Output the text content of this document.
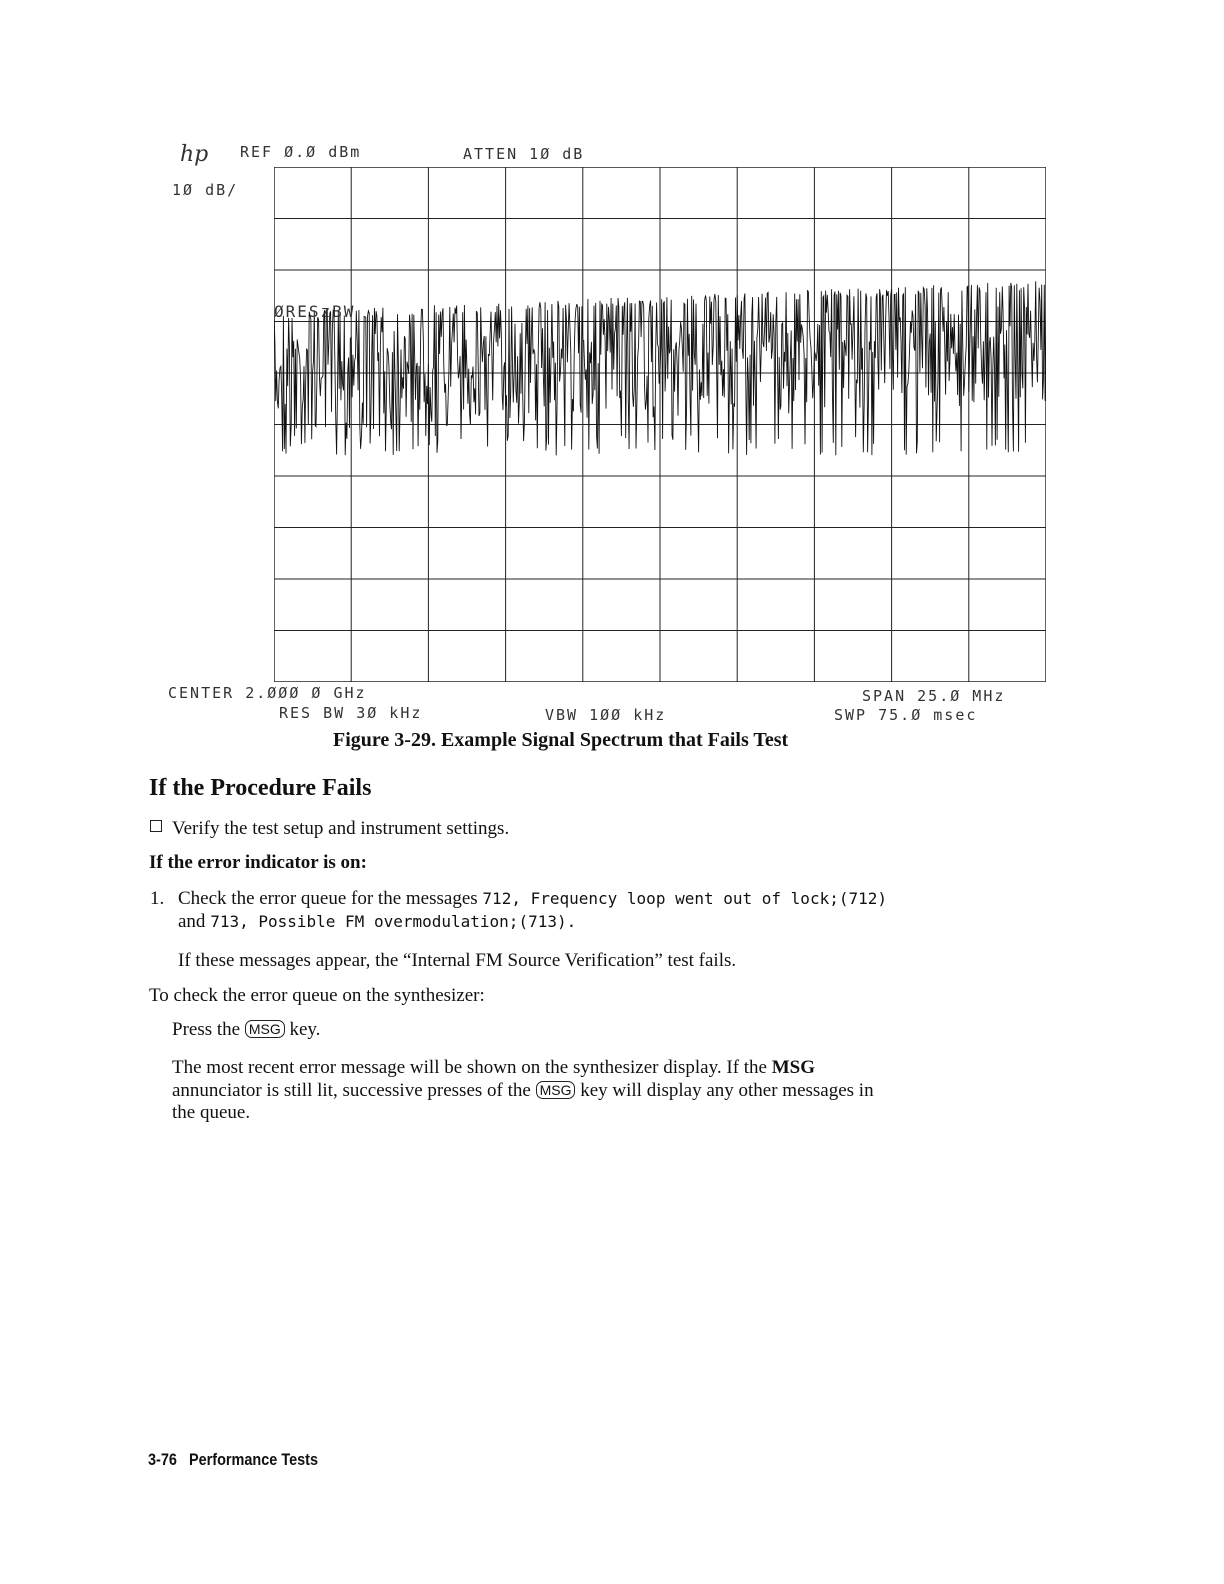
hp REF Ø.Ø dBm	ATTEN 1Ø dB
1Ø dB/
ØRESzBW
CENTER 2.ØØØ Ø GHz	SPAN 25.Ø MHz
RES BW 3Ø kHz	VBW 1ØØ kHz	SWP 75.Ø msec
Figure 3-29. Example Signal Spectrum that Fails Test
If the Procedure Fails
Verify the test setup and instrument settings.
If the error indicator is on:
1. Check the error queue for the messages 712, Frequency loop went out of lock;(712)
and 713, Possible FM overmodulation;(713).
If these messages appear, the “Internal FM Source Verification” test fails.
To check the error queue on the synthesizer:
Press the MSG key.
The most recent error message will be shown on the synthesizer display. If the MSG
annunciator is still lit, successive presses of the MSG key will display any other messages in
the queue.
3-76 Performance Tests
